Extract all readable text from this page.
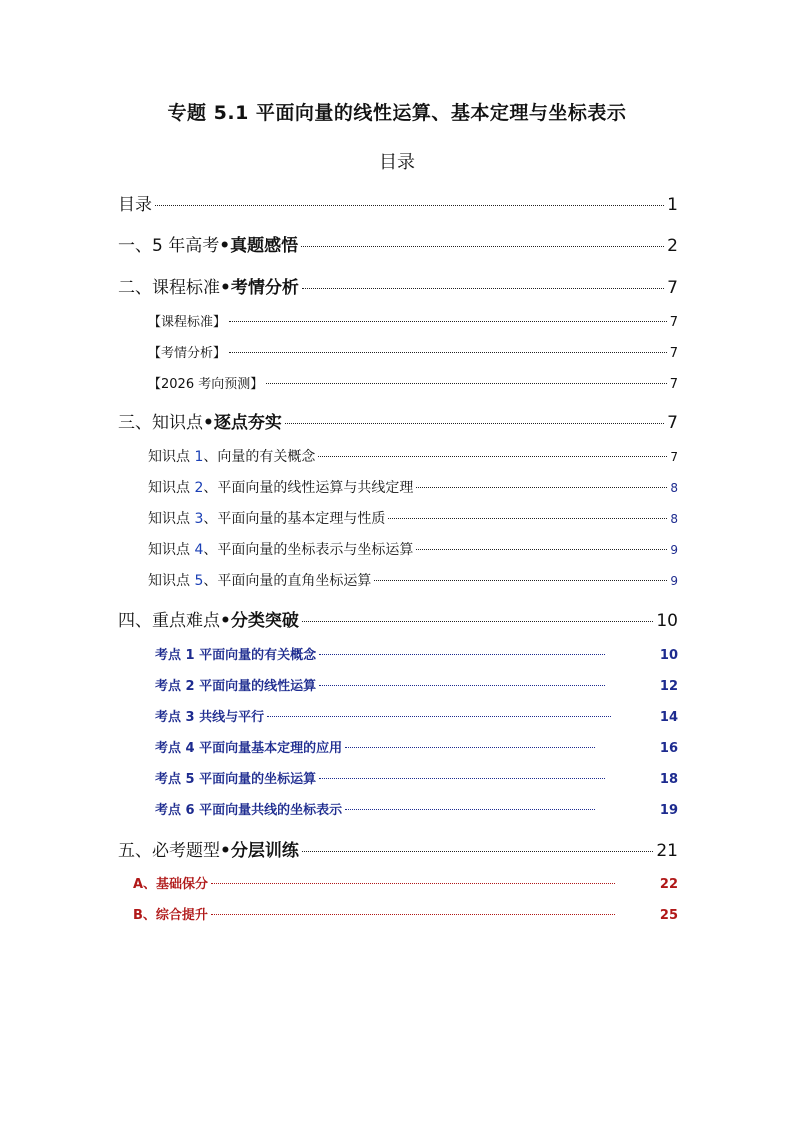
专题 5.1 平面向量的线性运算、基本定理与坐标表示
目录
目录	1
一、5 年高考•真题感悟	2
二、课程标准•考情分析	7
【课程标准】	7
【考情分析】	7
【2026 考向预测】	7
三、知识点•逐点夯实	7
知识点 1、向量的有关概念	7
知识点 2、平面向量的线性运算与共线定理	8
知识点 3、平面向量的基本定理与性质	8
知识点 4、平面向量的坐标表示与坐标运算	9
知识点 5、平面向量的直角坐标运算	9
四、重点难点•分类突破	10
考点 1 平面向量的有关概念	10
考点 2 平面向量的线性运算	12
考点 3 共线与平行	14
考点 4 平面向量基本定理的应用	16
考点 5 平面向量的坐标运算	18
考点 6 平面向量共线的坐标表示	19
五、必考题型•分层训练	21
A、基础保分	22
B、综合提升	25
